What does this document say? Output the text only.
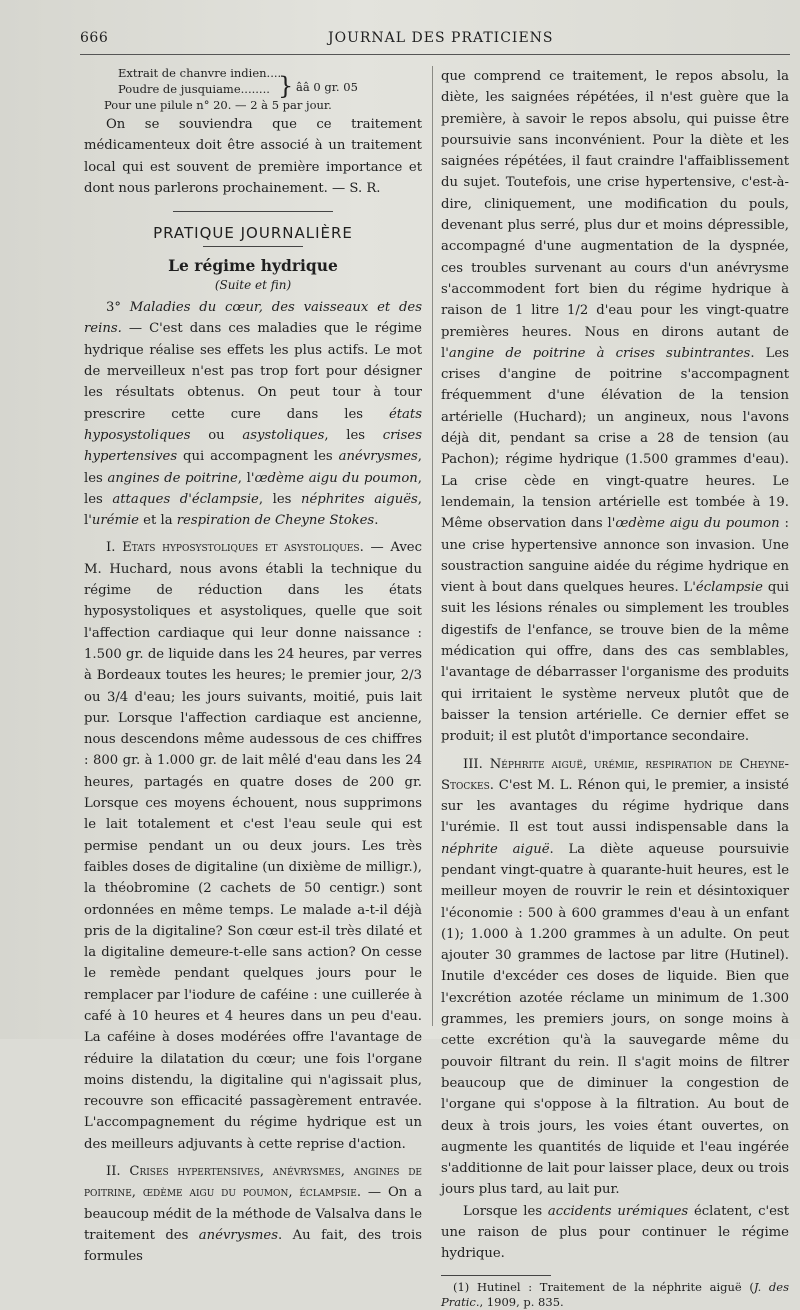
666	JOURNAL DES PRATICIENS
Extrait de chanvre indien....
Poudre de jusquiame........ } ââ 0 gr. 05
Pour une pilule n° 20. — 2 à 5 par jour.

On se souviendra que ce traitement médicamenteux doit être associé à un traitement local qui est souvent de première importance et dont nous parlerons prochainement. — S. R.

PRATIQUE JOURNALIÈRE
Le régime hydrique
(Suite et fin)

3° Maladies du cœur, des vaisseaux et des reins. — C'est dans ces maladies que le régime hydrique réalise ses effets les plus actifs. Le mot de merveilleux n'est pas trop fort pour désigner les résultats obtenus. On peut tour à tour prescrire cette cure dans les états hyposystoliques ou asystoliques, les crises hypertensives qui accompagnent les anévrysmes, les angines de poitrine, l'œdème aigu du poumon, les attaques d'éclampsie, les néphrites aiguës, l'urémie et la respiration de Cheyne Stokes.

I. Etats hyposystoliques et asystoliques. — Avec M. Huchard, nous avons établi la technique du régime de réduction dans les états hyposystoliques et asystoliques, quelle que soit l'affection cardiaque qui leur donne naissance : 1.500 gr. de liquide dans les 24 heures, par verres à Bordeaux toutes les heures; le premier jour, 2/3 ou 3/4 d'eau; les jours suivants, moitié, puis lait pur. Lorsque l'affection cardiaque est ancienne, nous descendons même audessous de ces chiffres : 800 gr. à 1.000 gr. de lait mêlé d'eau dans les 24 heures, partagés en quatre doses de 200 gr. Lorsque ces moyens échouent, nous supprimons le lait totalement et c'est l'eau seule qui est permise pendant un ou deux jours. Les très faibles doses de digitaline (un dixième de milligr.), la théobromine (2 cachets de 50 centigr.) sont ordonnées en même temps. Le malade a-t-il déjà pris de la digitaline? Son cœur est-il très dilaté et la digitaline demeure-t-elle sans action? On cesse le remède pendant quelques jours pour le remplacer par l'iodure de caféine : une cuillerée à café à 10 heures et 4 heures dans un peu d'eau. La caféine à doses modérées offre l'avantage de réduire la dilatation du cœur; une fois l'organe moins distendu, la digitaline qui n'agissait plus, recouvre son efficacité passagèrement entravée. L'accompagnement du régime hydrique est un des meilleurs adjuvants à cette reprise d'action.

II. Crises hypertensives, anévrysmes, angines de poitrine, œdème aigu du poumon, éclampsie. — On a beaucoup médit de la méthode de Valsalva dans le traitement des anévrysmes. Au fait, des trois formules

que comprend ce traitement, le repos absolu, la diète, les saignées répétées, il n'est guère que la première, à savoir le repos absolu, qui puisse être poursuivie sans inconvénient. Pour la diète et les saignées répétées, il faut craindre l'affaiblissement du sujet. Toutefois, une crise hypertensive, c'est-à-dire, cliniquement, une modification du pouls, devenant plus serré, plus dur et moins dépressible, accompagné d'une augmentation de la dyspnée, ces troubles survenant au cours d'un anévrysme s'accommodent fort bien du régime hydrique à raison de 1 litre 1/2 d'eau pour les vingt-quatre premières heures. Nous en dirons autant de l'angine de poitrine à crises subintrantes. Les crises d'angine de poitrine s'accompagnent fréquemment d'une élévation de la tension artérielle (Huchard); un angineux, nous l'avons déjà dit, pendant sa crise a 28 de tension (au Pachon); régime hydrique (1.500 grammes d'eau). La crise cède en vingt-quatre heures. Le lendemain, la tension artérielle est tombée à 19. Même observation dans l'œdème aigu du poumon : une crise hypertensive annonce son invasion. Une soustraction sanguine aidée du régime hydrique en vient à bout dans quelques heures. L'éclampsie qui suit les lésions rénales ou simplement les troubles digestifs de l'enfance, se trouve bien de la même médication qui offre, dans des cas semblables, l'avantage de débarrasser l'organisme des produits qui irritaient le système nerveux plutôt que de baisser la tension artérielle. Ce dernier effet se produit; il est plutôt d'importance secondaire.

III. Néphrite aiguë, urémie, respiration de Cheyne-Stockes. C'est M. L. Rénon qui, le premier, a insisté sur les avantages du régime hydrique dans l'urémie. Il est tout aussi indispensable dans la néphrite aiguë. La diète aqueuse poursuivie pendant vingt-quatre à quarante-huit heures, est le meilleur moyen de rouvrir le rein et désintoxiquer l'économie : 500 à 600 grammes d'eau à un enfant (1); 1.000 à 1.200 grammes à un adulte. On peut ajouter 30 grammes de lactose par litre (Hutinel). Inutile d'excéder ces doses de liquide. Bien que l'excrétion azotée réclame un minimum de 1.300 grammes, les premiers jours, on songe moins à cette excrétion qu'à la sauvegarde même du pouvoir filtrant du rein. Il s'agit moins de filtrer beaucoup que de diminuer la congestion de l'organe qui s'oppose à la filtration. Au bout de deux à trois jours, les voies étant ouvertes, on augmente les quantités de liquide et l'eau ingérée s'additionne de lait pour laisser place, deux ou trois jours plus tard, au lait pur.

Lorsque les accidents urémiques éclatent, c'est une raison de plus pour continuer le régime hydrique.

(1) Hutinel : Traitement de la néphrite aiguë (J. des Pratic., 1909, p. 835.
